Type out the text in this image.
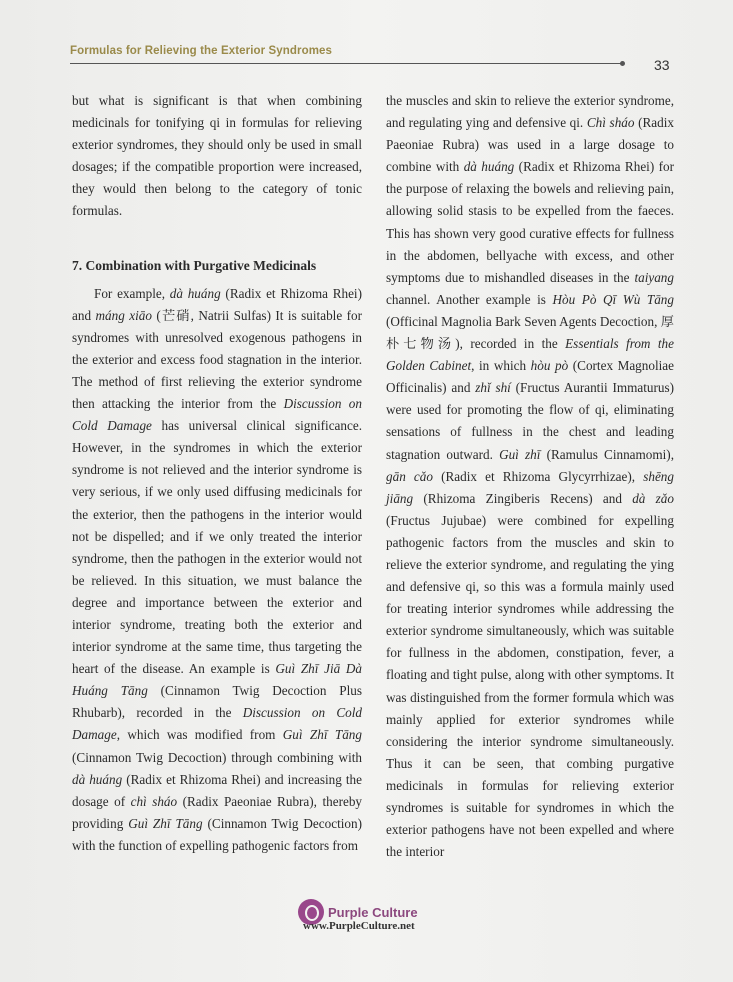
Formulas for Relieving the Exterior Syndromes
33

but what is significant is that when combining medicinals for tonifying qi in formulas for relieving exterior syndromes, they should only be used in small dosages; if the compatible proportion were increased, they would then belong to the category of tonic formulas.

7. Combination with Purgative Medicinals

For example, dà huáng (Radix et Rhizoma Rhei) and máng xiāo (芒硝, Natrii Sulfas) It is suitable for syndromes with unresolved exogenous pathogens in the exterior and excess food stagnation in the interior. The method of first relieving the exterior syndrome then attacking the interior from the Discussion on Cold Damage has universal clinical significance. However, in the syndromes in which the exterior syndrome is not relieved and the interior syndrome is very serious, if we only used diffusing medicinals for the exterior, then the pathogens in the interior would not be dispelled; and if we only treated the interior syndrome, then the pathogen in the exterior would not be relieved. In this situation, we must balance the degree and importance between the exterior and interior syndrome, treating both the exterior and interior syndrome at the same time, thus targeting the heart of the disease. An example is Guì Zhī Jiā Dà Huáng Tāng (Cinnamon Twig Decoction Plus Rhubarb), recorded in the Discussion on Cold Damage, which was modified from Guì Zhī Tāng (Cinnamon Twig Decoction) through combining with dà huáng (Radix et Rhizoma Rhei) and increasing the dosage of chì sháo (Radix Paeoniae Rubra), thereby providing Guì Zhī Tāng (Cinnamon Twig Decoction) with the function of expelling pathogenic factors from

the muscles and skin to relieve the exterior syndrome, and regulating ying and defensive qi. Chì sháo (Radix Paeoniae Rubra) was used in a large dosage to combine with dà huáng (Radix et Rhizoma Rhei) for the purpose of relaxing the bowels and relieving pain, allowing solid stasis to be expelled from the faeces. This has shown very good curative effects for fullness in the abdomen, bellyache with excess, and other symptoms due to mishandled diseases in the taiyang channel. Another example is Hòu Pò Qī Wù Tāng (Officinal Magnolia Bark Seven Agents Decoction, 厚朴七物汤), recorded in the Essentials from the Golden Cabinet, in which hòu pò (Cortex Magnoliae Officinalis) and zhǐ shí (Fructus Aurantii Immaturus) were used for promoting the flow of qi, eliminating sensations of fullness in the chest and leading stagnation outward. Guì zhī (Ramulus Cinnamomi), gān cǎo (Radix et Rhizoma Glycyrrhizae), shēng jiāng (Rhizoma Zingiberis Recens) and dà zǎo (Fructus Jujubae) were combined for expelling pathogenic factors from the muscles and skin to relieve the exterior syndrome, and regulating the ying and defensive qi, so this was a formula mainly used for treating interior syndromes while addressing the exterior syndrome simultaneously, which was suitable for fullness in the abdomen, constipation, fever, a floating and tight pulse, along with other symptoms. It was distinguished from the former formula which was mainly applied for exterior syndromes while considering the interior syndrome simultaneously. Thus it can be seen, that combing purgative medicinals in formulas for relieving exterior syndromes is suitable for syndromes in which the exterior pathogens have not been expelled and where the interior

Purple Culture
www.PurpleCulture.net
